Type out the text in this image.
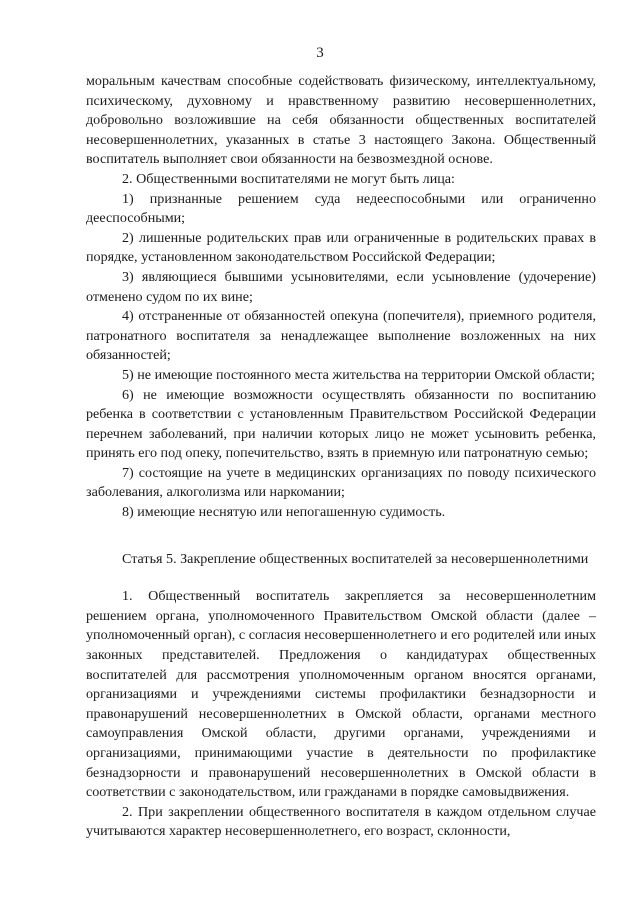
3

моральным качествам способные содействовать физическому, интеллектуальному, психическому, духовному и нравственному развитию несовершеннолетних, добровольно возложившие на себя обязанности общественных воспитателей несовершеннолетних, указанных в статье 3 настоящего Закона. Общественный воспитатель выполняет свои обязанности на безвозмездной основе.

2. Общественными воспитателями не могут быть лица:

1) признанные решением суда недееспособными или ограниченно дееспособными;

2) лишенные родительских прав или ограниченные в родительских правах в порядке, установленном законодательством Российской Федерации;

3) являющиеся бывшими усыновителями, если усыновление (удочерение) отменено судом по их вине;

4) отстраненные от обязанностей опекуна (попечителя), приемного родителя, патронатного воспитателя за ненадлежащее выполнение возложенных на них обязанностей;

5) не имеющие постоянного места жительства на территории Омской области;

6) не имеющие возможности осуществлять обязанности по воспитанию ребенка в соответствии с установленным Правительством Российской Федерации перечнем заболеваний, при наличии которых лицо не может усыновить ребенка, принять его под опеку, попечительство, взять в приемную или патронатную семью;

7) состоящие на учете в медицинских организациях по поводу психического заболевания, алкоголизма или наркомании;

8) имеющие неснятую или непогашенную судимость.

Статья 5. Закрепление общественных воспитателей за несовершеннолетними

1. Общественный воспитатель закрепляется за несовершеннолетним решением органа, уполномоченного Правительством Омской области (далее – уполномоченный орган), с согласия несовершеннолетнего и его родителей или иных законных представителей. Предложения о кандидатурах общественных воспитателей для рассмотрения уполномоченным органом вносятся органами, организациями и учреждениями системы профилактики безнадзорности и правонарушений несовершеннолетних в Омской области, органами местного самоуправления Омской области, другими органами, учреждениями и организациями, принимающими участие в деятельности по профилактике безнадзорности и правонарушений несовершеннолетних в Омской области в соответствии с законодательством, или гражданами в порядке самовыдвижения.

2. При закреплении общественного воспитателя в каждом отдельном случае учитываются характер несовершеннолетнего, его возраст, склонности,
